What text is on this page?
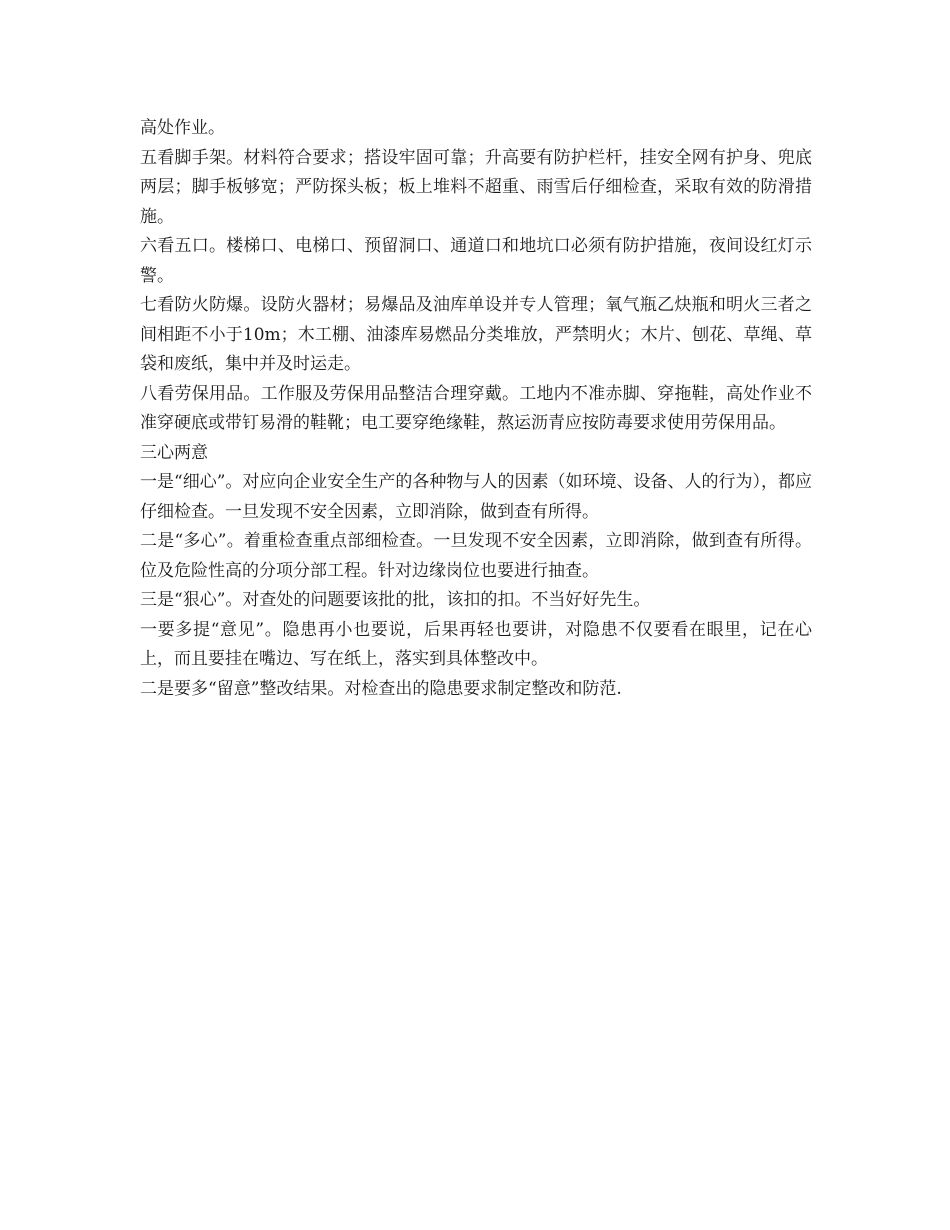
高处作业。

五看脚手架。材料符合要求；搭设牢固可靠；升高要有防护栏杆，挂安全网有护身、兜底两层；脚手板够宽；严防探头板；板上堆料不超重、雨雪后仔细检查，采取有效的防滑措施。

六看五口。楼梯口、电梯口、预留洞口、通道口和地坑口必须有防护措施，夜间设红灯示警。

七看防火防爆。设防火器材；易爆品及油库单设并专人管理；氧气瓶乙炔瓶和明火三者之间相距不小于10m；木工棚、油漆库易燃品分类堆放，严禁明火；木片、刨花、草绳、草袋和废纸，集中并及时运走。

八看劳保用品。工作服及劳保用品整洁合理穿戴。工地内不准赤脚、穿拖鞋，高处作业不准穿硬底或带钉易滑的鞋靴；电工要穿绝缘鞋，熬运沥青应按防毒要求使用劳保用品。

三心两意

一是“细心”。对应向企业安全生产的各种物与人的因素（如环境、设备、人的行为），都应仔细检查。一旦发现不安全因素，立即消除，做到查有所得。

二是“多心”。着重检查重点部细检查。一旦发现不安全因素，立即消除，做到查有所得。位及危险性高的分项分部工程。针对边缘岗位也要进行抽查。

三是“狠心”。对查处的问题要该批的批，该扣的扣。不当好好先生。

一要多提“意见”。隐患再小也要说，后果再轻也要讲，对隐患不仅要看在眼里，记在心上，而且要挂在嘴边、写在纸上，落实到具体整改中。

二是要多“留意”整改结果。对检查出的隐患要求制定整改和防范.
